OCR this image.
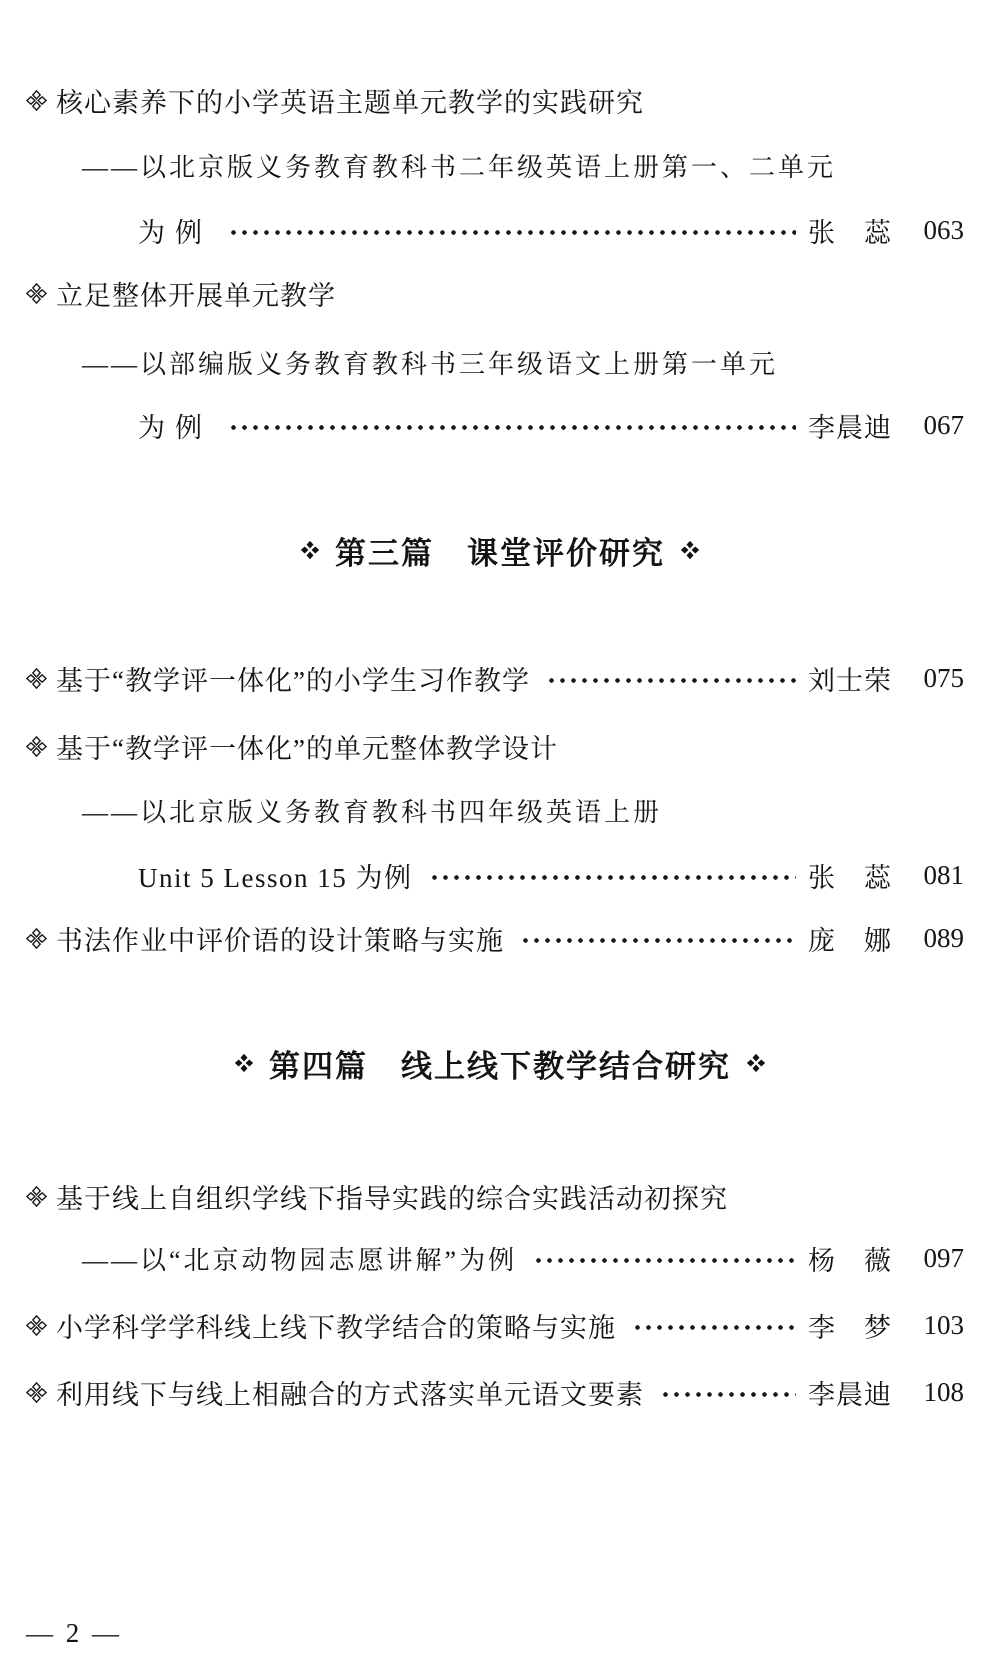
核心素养下的小学英语主题单元教学的实践研究
——以北京版义务教育教科书二年级英语上册第一、二单元
为例	张　蕊 063
立足整体开展单元教学
——以部编版义务教育教科书三年级语文上册第一单元
为例	李晨迪 067
第三篇　课堂评价研究
基于“教学评一体化”的小学生习作教学	刘士荣 075
基于“教学评一体化”的单元整体教学设计
——以北京版义务教育教科书四年级英语上册
Unit 5 Lesson 15 为例	张　蕊 081
书法作业中评价语的设计策略与实施	庞　娜 089
第四篇　线上线下教学结合研究
基于线上自组织学线下指导实践的综合实践活动初探究
——以“北京动物园志愿讲解”为例	杨　薇 097
小学科学学科线上线下教学结合的策略与实施	李　梦 103
利用线下与线上相融合的方式落实单元语文要素	李晨迪 108
— 2 —
